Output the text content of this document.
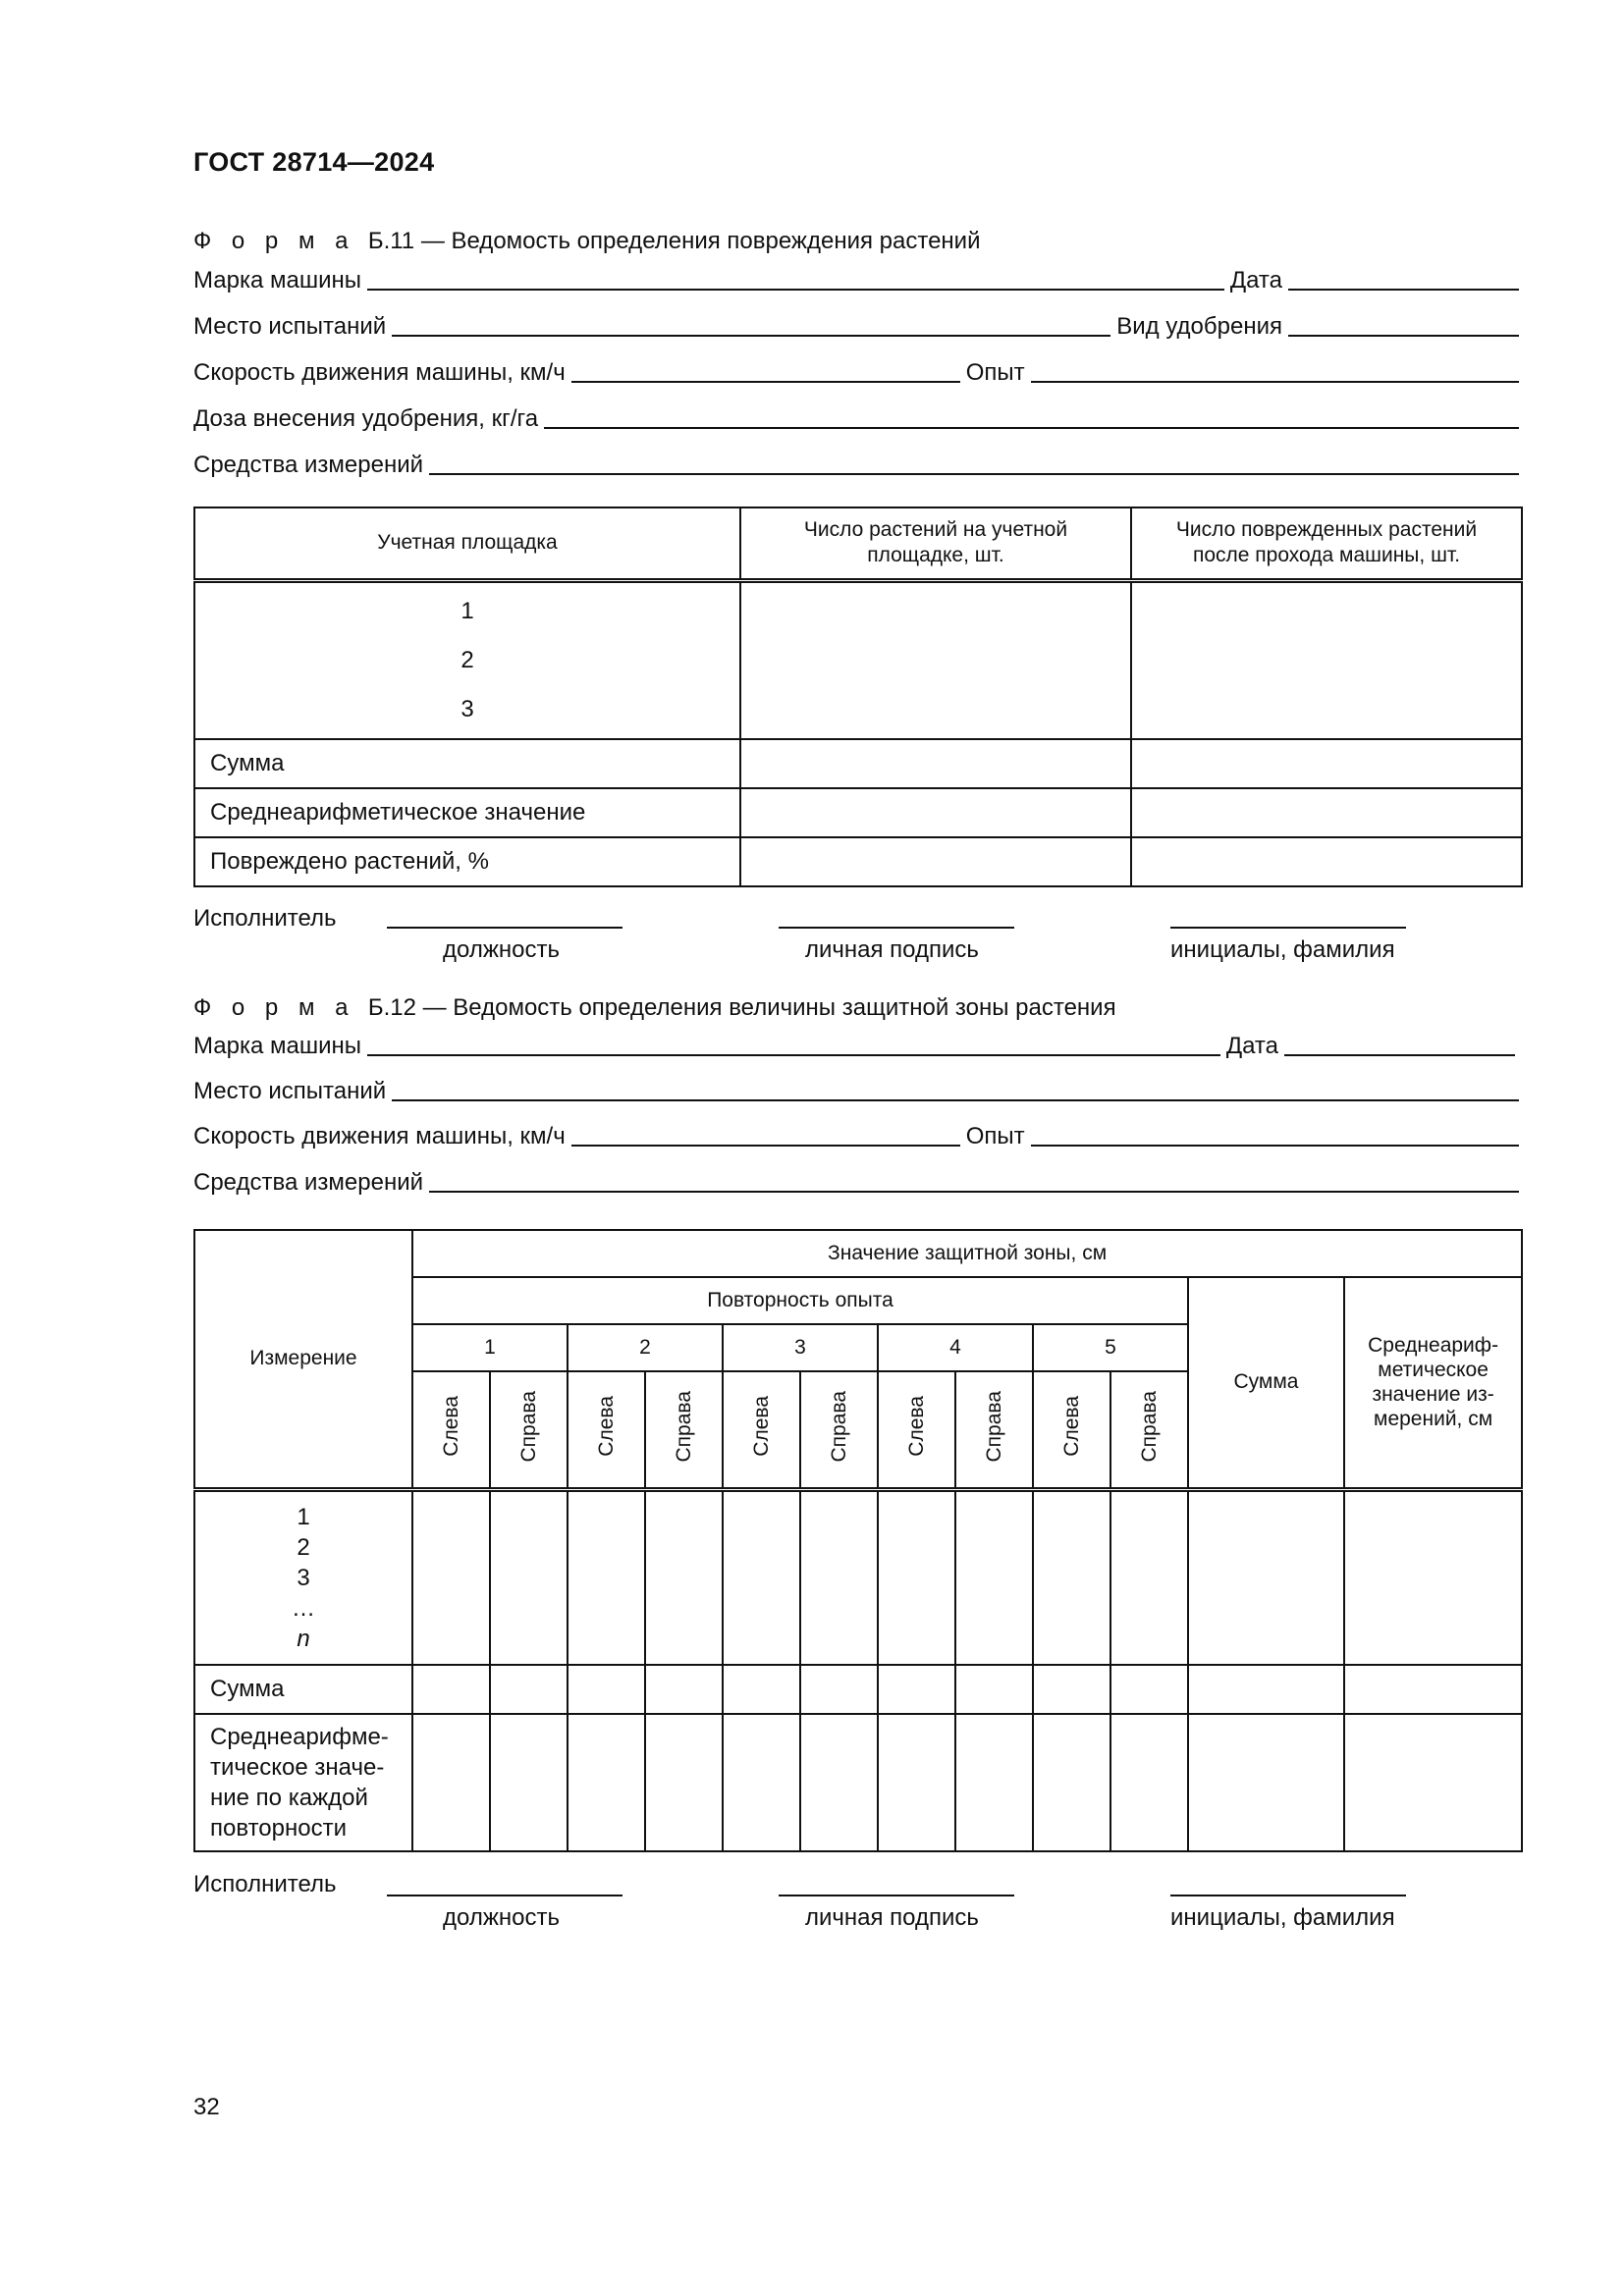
ГОСТ 28714—2024
Ф о р м а Б.11 — Ведомость определения повреждения растений
Марка машины	Дата
Место испытаний	Вид удобрения
Скорость движения машины, км/ч	Опыт
Доза внесения удобрения, кг/га
Средства измерений
Учетная площадка	Число растений на учетной площадке, шт.	Число поврежденных растений после прохода машины, шт.

1
2
3		

Сумма		
Среднеарифметическое значение		
Повреждено растений, %		
Исполнитель
должность	личная подпись	инициалы, фамилия
Ф о р м а Б.12 — Ведомость определения величины защитной зоны растения
Марка машины	Дата
Место испытаний
Скорость движения машины, км/ч	Опыт
Средства измерений
Измерение	Значение защитной зоны, см											
	Повторность опыта										Сумма	Среднеариф-метическое значение из-мерений, см
	1		2		3		4		5			
	Слева	Справа	Слева	Справа	Слева	Справа	Слева	Справа	Слева	Справа		

1
2
3
…
n												

Сумма												
Среднеарифме-тическое значе-ние по каждой повторности												
Исполнитель
должность	личная подпись	инициалы, фамилия
32
